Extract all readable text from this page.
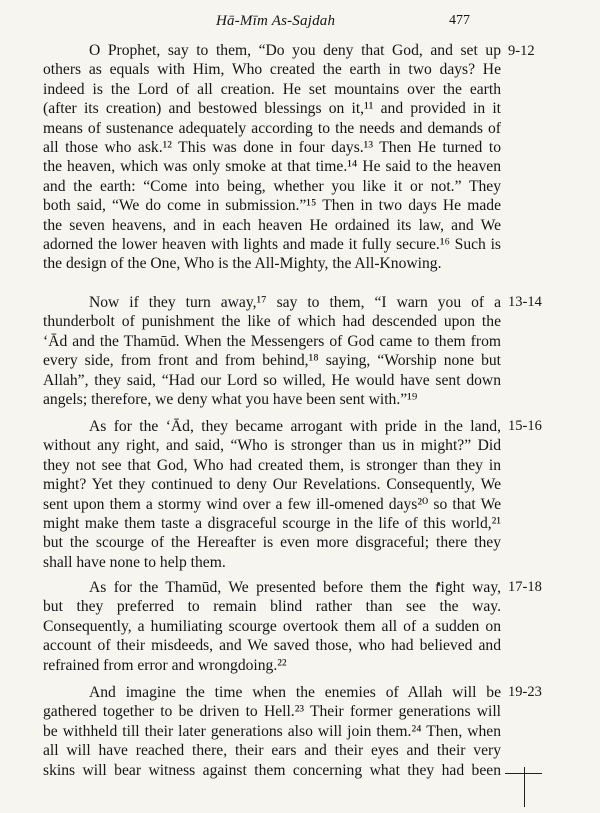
Hā-Mīm As-Sajdah	477
O Prophet, say to them, “Do you deny that God, and set up
others as equals with Him, Who created the earth in two days? He
indeed is the Lord of all creation. He set mountains over the earth
(after its creation) and bestowed blessings on it,¹¹ and provided in it
means of sustenance adequately according to the needs and demands of
all those who ask.¹² This was done in four days.¹³ Then He turned to
the heaven, which was only smoke at that time.¹⁴ He said to the heaven
and the earth: “Come into being, whether you like it or not.” They
both said, “We do come in submission.”¹⁵ Then in two days He made
the seven heavens, and in each heaven He ordained its law, and We
adorned the lower heaven with lights and made it fully secure.¹⁶ Such is
the design of the One, Who is the All-Mighty, the All-Knowing.
9-12
Now if they turn away,¹⁷ say to them, “I warn you of a
thunderbolt of punishment the like of which had descended upon the
‘Ād and the Thamūd. When the Messengers of God came to them from
every side, from front and from behind,¹⁸ saying, “Worship none but
Allah”, they said, “Had our Lord so willed, He would have sent down
angels; therefore, we deny what you have been sent with.”¹⁹
13-14
As for the ‘Ād, they became arrogant with pride in the land,
without any right, and said, “Who is stronger than us in might?” Did
they not see that God, Who had created them, is stronger than they in
might? Yet they continued to deny Our Revelations. Consequently, We
sent upon them a stormy wind over a few ill-omened days²⁰ so that We
might make them taste a disgraceful scourge in the life of this world,²¹
but the scourge of the Hereafter is even more disgraceful; there they
shall have none to help them.
15-16
As for the Thamūd, We presented before them the right way,
but they preferred to remain blind rather than see the way.
Consequently, a humiliating scourge overtook them all of a sudden on
account of their misdeeds, and We saved those, who had believed and
refrained from error and wrongdoing.²²
17-18
And imagine the time when the enemies of Allah will be
gathered together to be driven to Hell.²³ Their former generations will
be withheld till their later generations also will join them.²⁴ Then, when
all will have reached there, their ears and their eyes and their very
skins will bear witness against them concerning what they had been
19-23
